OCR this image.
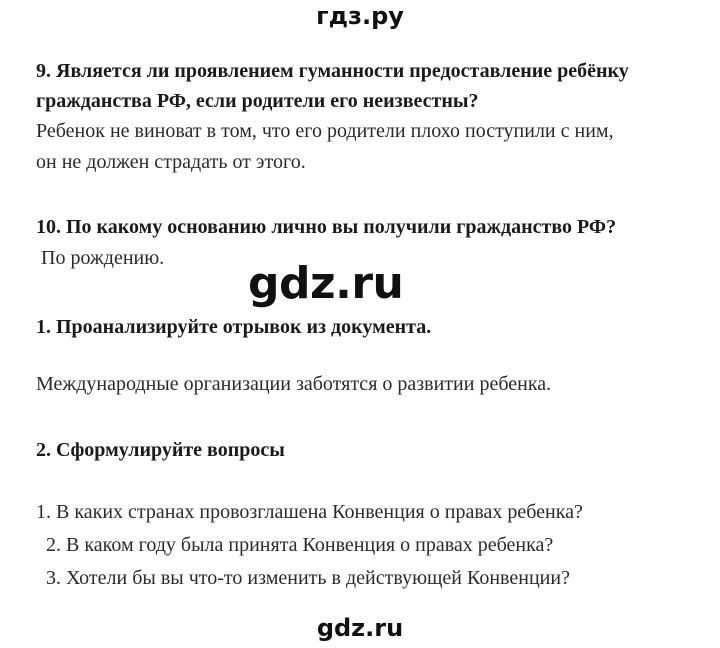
гдз.ру
9. Является ли проявлением гуманности предоставление ребёнку
гражданства РФ, если родители его неизвестны?
Ребенок не виноват в том, что его родители плохо поступили с ним,
он не должен страдать от этого.
10. По какому основанию лично вы получили гражданство РФ?
По рождению. gdz.ru
1. Проанализируйте отрывок из документа.
Международные организации заботятся о развитии ребенка.
2. Сформулируйте вопросы
1. В каких странах провозглашена Конвенция о правах ребенка?
2. В каком году была принята Конвенция о правах ребенка?
3. Хотели бы вы что-то изменить в действующей Конвенции?
gdz.ru
